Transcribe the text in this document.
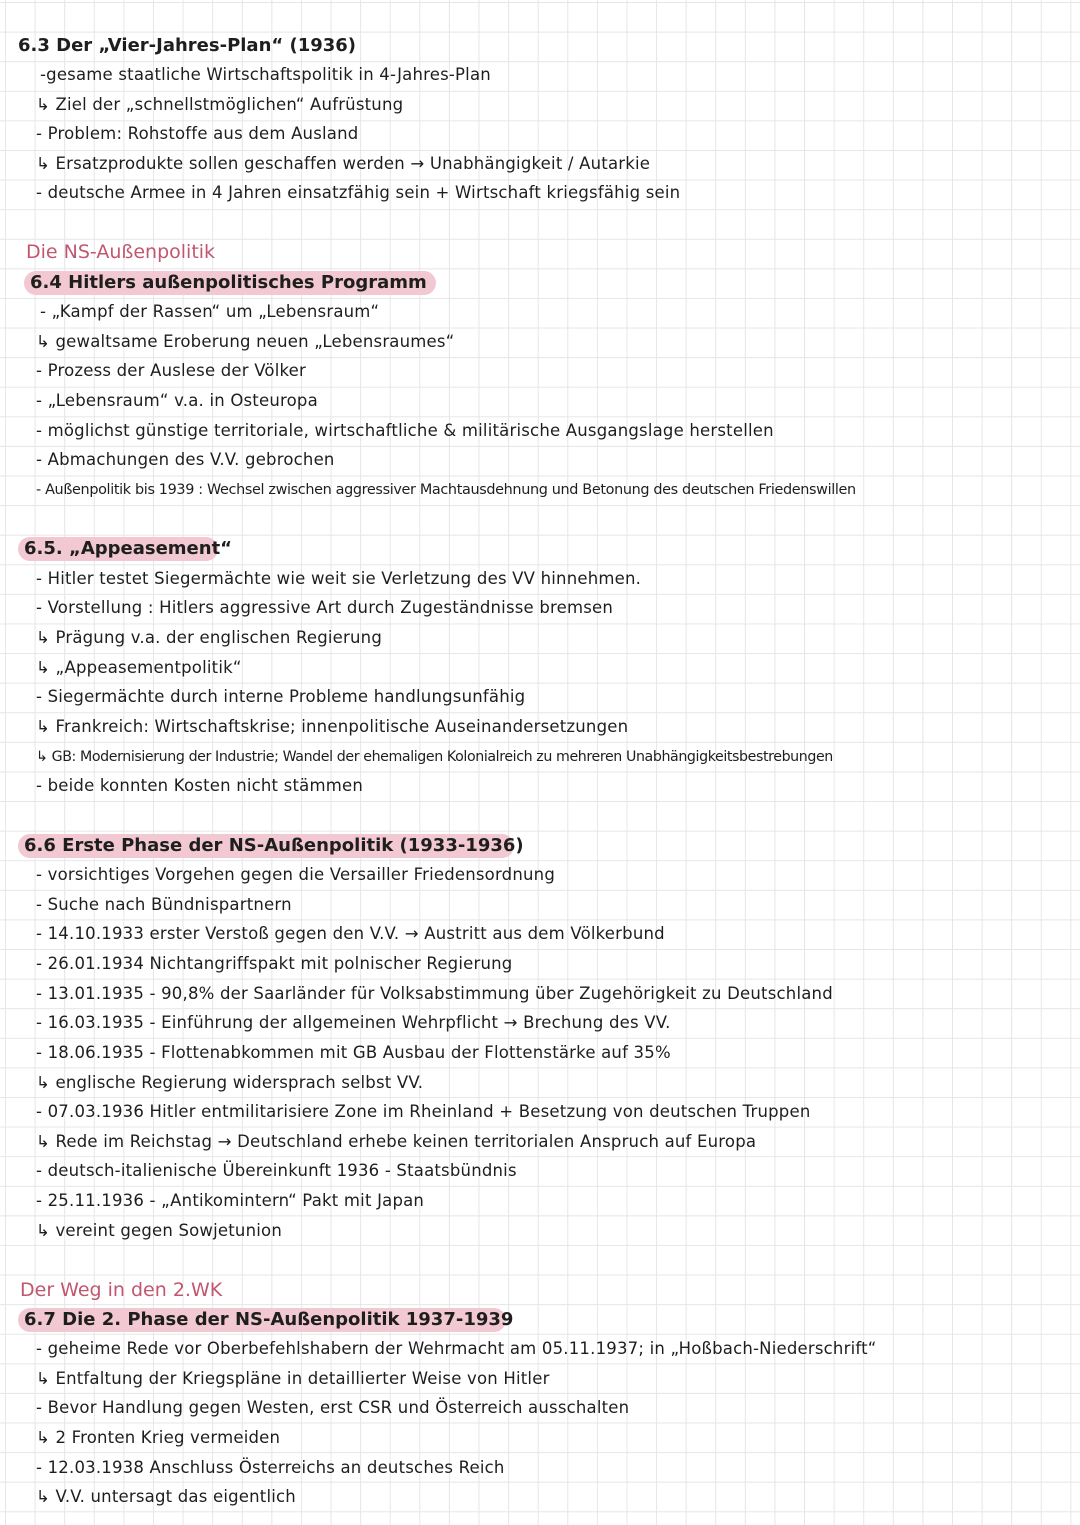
6.3 Der „Vier-Jahres-Plan“ (1936)
-gesame staatliche Wirtschaftspolitik in 4-Jahres-Plan
↳ Ziel der „schnellstmöglichen“ Aufrüstung
- Problem: Rohstoffe aus dem Ausland
↳ Ersatzprodukte sollen geschaffen werden → Unabhängigkeit / Autarkie
- deutsche Armee in 4 Jahren einsatzfähig sein + Wirtschaft kriegsfähig sein
Die NS-Außenpolitik
6.4 Hitlers außenpolitisches Programm
- „Kampf der Rassen“ um „Lebensraum“
↳ gewaltsame Eroberung neuen „Lebensraumes“
- Prozess der Auslese der Völker
- „Lebensraum“ v.a. in Osteuropa
- möglichst günstige territoriale, wirtschaftliche & militärische Ausgangslage herstellen
- Abmachungen des V.V. gebrochen
- Außenpolitik bis 1939 : Wechsel zwischen aggressiver Machtausdehnung und Betonung des deutschen Friedenswillen
6.5. „Appeasement“
- Hitler testet Siegermächte wie weit sie Verletzung des VV hinnehmen.
- Vorstellung : Hitlers aggressive Art durch Zugeständnisse bremsen
↳ Prägung v.a. der englischen Regierung
↳ „Appeasementpolitik“
- Siegermächte durch interne Probleme handlungsunfähig
↳ Frankreich: Wirtschaftskrise; innenpolitische Auseinandersetzungen
↳ GB: Modernisierung der Industrie; Wandel der ehemaligen Kolonialreich zu mehreren Unabhängigkeitsbestrebungen
- beide konnten Kosten nicht stämmen
6.6 Erste Phase der NS-Außenpolitik (1933-1936)
- vorsichtiges Vorgehen gegen die Versailler Friedensordnung
- Suche nach Bündnispartnern
- 14.10.1933 erster Verstoß gegen den V.V. → Austritt aus dem Völkerbund
- 26.01.1934 Nichtangriffspakt mit polnischer Regierung
- 13.01.1935 - 90,8% der Saarländer für Volksabstimmung über Zugehörigkeit zu Deutschland
- 16.03.1935 - Einführung der allgemeinen Wehrpflicht → Brechung des VV.
- 18.06.1935 - Flottenabkommen mit GB Ausbau der Flottenstärke auf 35%
↳ englische Regierung widersprach selbst VV.
- 07.03.1936 Hitler entmilitarisiere Zone im Rheinland + Besetzung von deutschen Truppen
↳ Rede im Reichstag → Deutschland erhebe keinen territorialen Anspruch auf Europa
- deutsch-italienische Übereinkunft 1936 - Staatsbündnis
- 25.11.1936 - „Antikomintern“ Pakt mit Japan
↳ vereint gegen Sowjetunion
Der Weg in den 2.WK
6.7 Die 2. Phase der NS-Außenpolitik 1937-1939
- geheime Rede vor Oberbefehlshabern der Wehrmacht am 05.11.1937; in „Hoßbach-Niederschrift“
↳ Entfaltung der Kriegspläne in detaillierter Weise von Hitler
- Bevor Handlung gegen Westen, erst CSR und Österreich ausschalten
↳ 2 Fronten Krieg vermeiden
- 12.03.1938 Anschluss Österreichs an deutsches Reich
↳ V.V. untersagt das eigentlich
